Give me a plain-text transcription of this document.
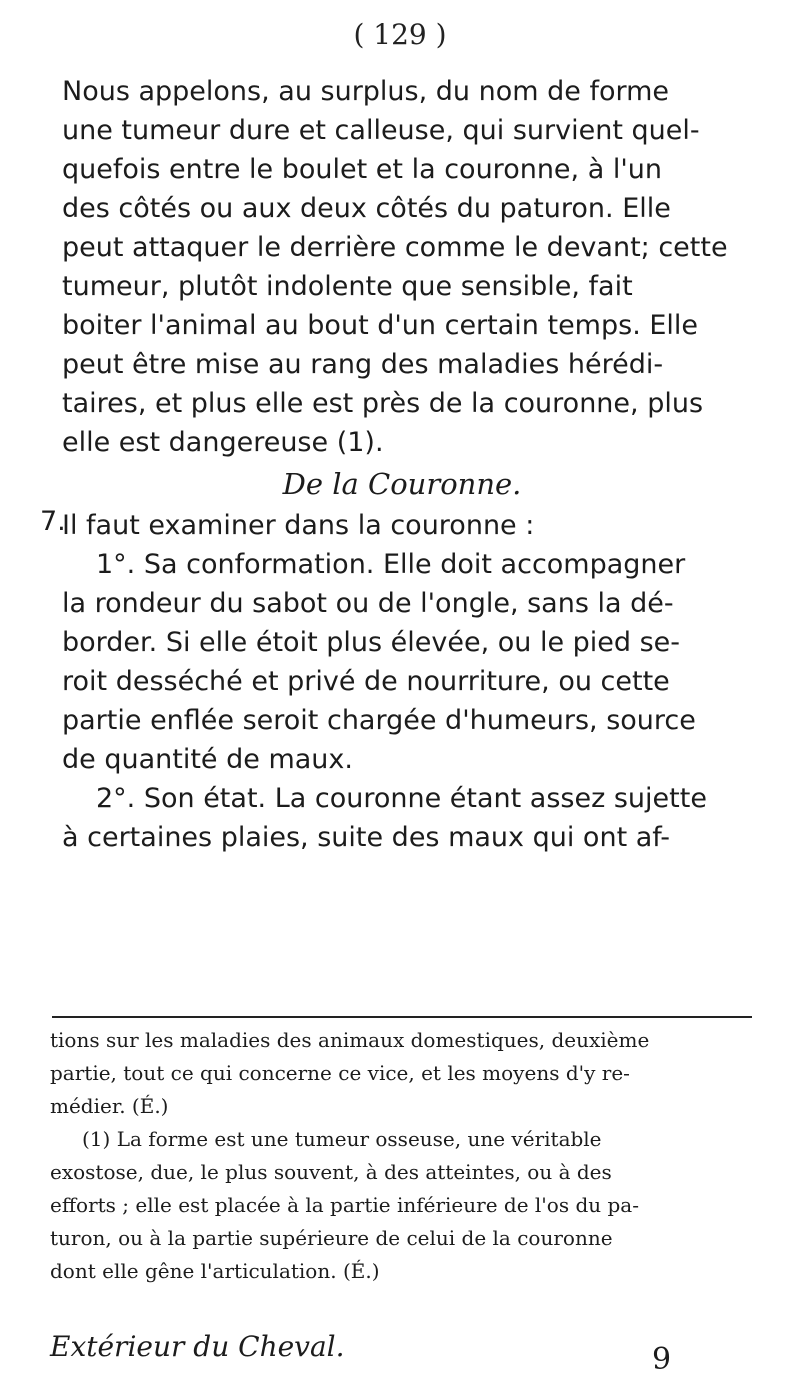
( 129 )
Nous appelons, au surplus, du nom de forme
une tumeur dure et calleuse, qui survient quel-
quefois entre le boulet et la couronne, à l'un
des côtés ou aux deux côtés du paturon. Elle
peut attaquer le derrière comme le devant; cette
tumeur, plutôt indolente que sensible, fait
boiter l'animal au bout d'un certain temps. Elle
peut être mise au rang des maladies hérédi-
taires, et plus elle est près de la couronne, plus
elle est dangereuse (1).
De la Couronne.
7.
Il faut examiner dans la couronne :
1°. Sa conformation. Elle doit accompagner
la rondeur du sabot ou de l'ongle, sans la dé-
border. Si elle étoit plus élevée, ou le pied se-
roit desséché et privé de nourriture, ou cette
partie enflée seroit chargée d'humeurs, source
de quantité de maux.
2°. Son état. La couronne étant assez sujette
à certaines plaies, suite des maux qui ont af-
tions sur les maladies des animaux domestiques, deuxième
partie, tout ce qui concerne ce vice, et les moyens d'y re-
médier. (É.)
(1) La forme est une tumeur osseuse, une véritable
exostose, due, le plus souvent, à des atteintes, ou à des
efforts ; elle est placée à la partie inférieure de l'os du pa-
turon, ou à la partie supérieure de celui de la couronne
dont elle gêne l'articulation. (É.)
Extérieur du Cheval.	9
